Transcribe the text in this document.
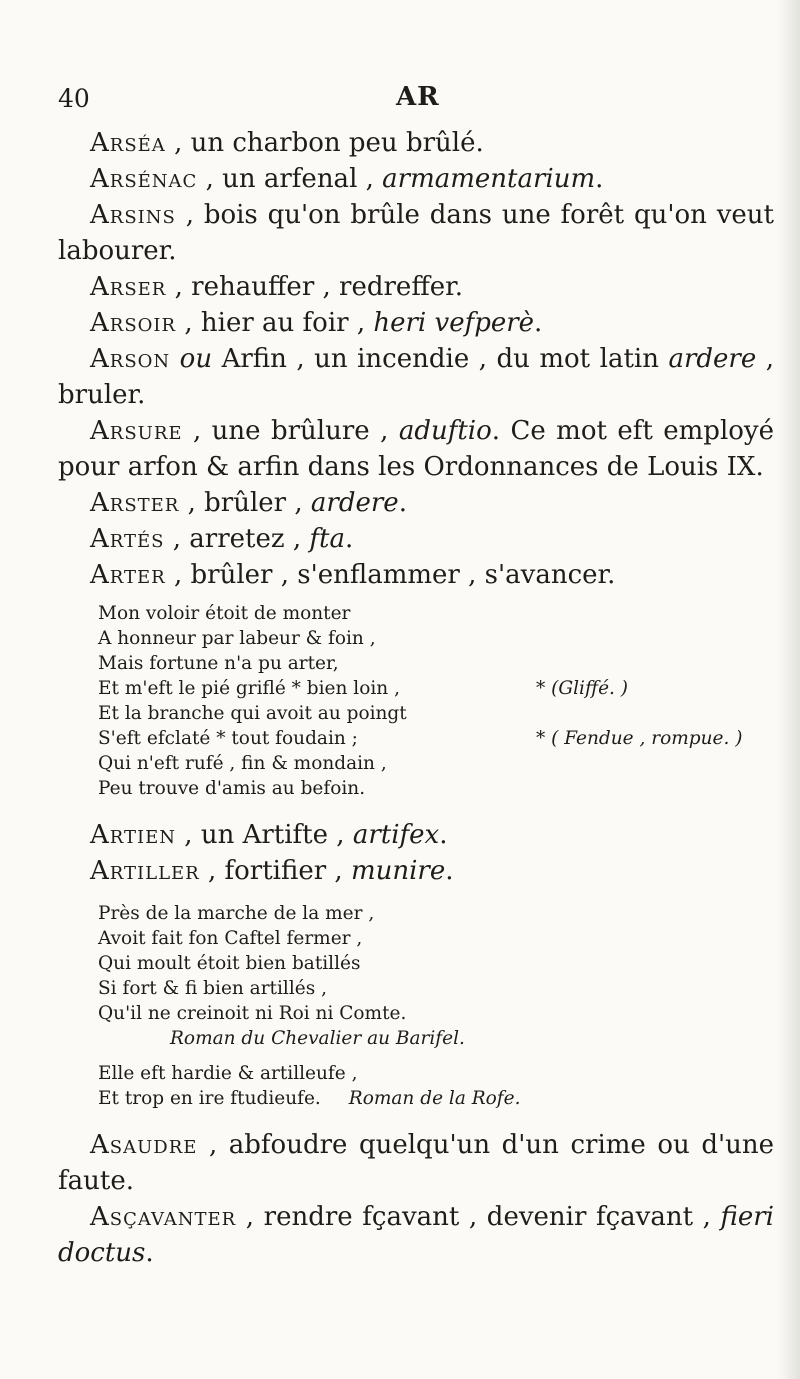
40	AR

Arséa , un charbon peu brûlé.

Arsénac , un arfenal , armamentarium.

Arsins , bois qu'on brûle dans une forêt qu'on veut labourer.

Arser , rehauffer , redreffer.

Arsoir , hier au foir , heri vefperè.

Arson ou Arfin , un incendie , du mot latin ardere , bruler.

Arsure , une brûlure , aduftio. Ce mot eft employé pour arfon & arfin dans les Ordonnances de Louis IX.

Arster , brûler , ardere.

Artés , arretez , fta.

Arter , brûler , s'enflammer , s'avancer.

Mon voloir étoit de monter
A honneur par labeur & foin ,
Mais fortune n'a pu arter,
Et m'eft le pié griflé * bien loin ,
Et la branche qui avoit au poingt
S'eft efclaté * tout foudain ;
Qui n'eft rufé , fin & mondain ,
Peu trouve d'amis au befoin.
* (Gliffé. )
* ( Fendue , rompue. )

Artien , un Artifte , artifex.

Artiller , fortifier , munire.

Près de la marche de la mer ,
Avoit fait fon Caftel fermer ,
Qui moult étoit bien batillés
Si fort & fi bien artillés ,
Qu'il ne creinoit ni Roi ni Comte.
Roman du Chevalier au Barifel.
Elle eft hardie & artilleufe ,
Et trop en ire ftudieufe. Roman de la Rofe.

Asaudre , abfoudre quelqu'un d'un crime ou d'une faute.

Asçavanter , rendre fçavant , devenir fçavant , fieri doctus.
